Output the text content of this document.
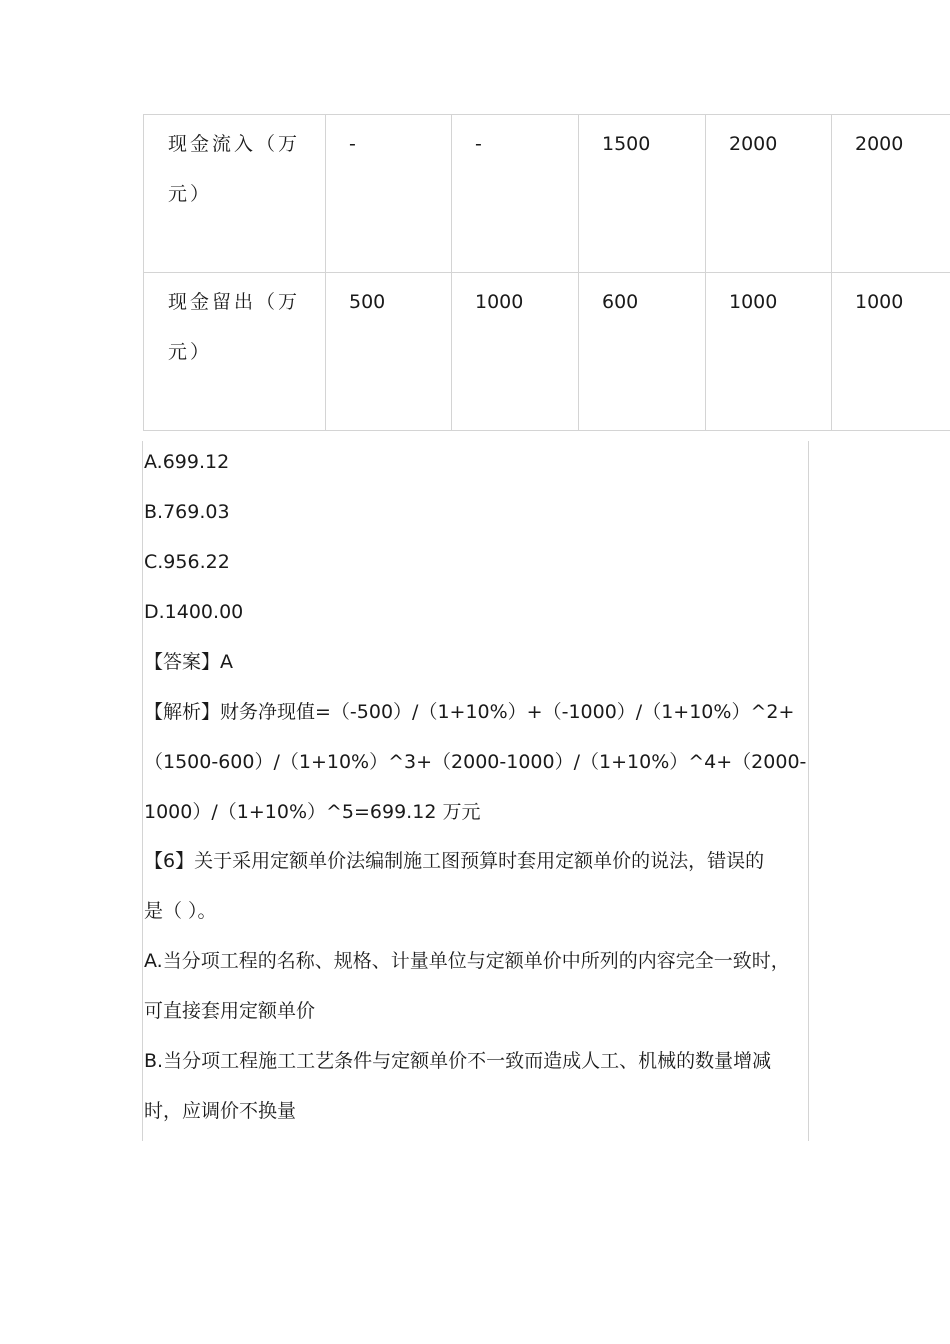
现金流入（万
元）	-	-	1500	2000	2000

现金留出（万
元）	500	1000	600	1000	1000
A.699.12
B.769.03
C.956.22
D.1400.00
【答案】A
【解析】财务净现值=（-500）/（1+10%）+（-1000）/（1+10%）^2+
（1500-600）/（1+10%）^3+（2000-1000）/（1+10%）^4+（2000-
1000）/（1+10%）^5=699.12 万元
【6】关于采用定额单价法编制施工图预算时套用定额单价的说法，错误的
是（ ）。
A.当分项工程的名称、规格、计量单位与定额单价中所列的内容完全一致时，
可直接套用定额单价
B.当分项工程施工工艺条件与定额单价不一致而造成人工、机械的数量增减
时，应调价不换量
